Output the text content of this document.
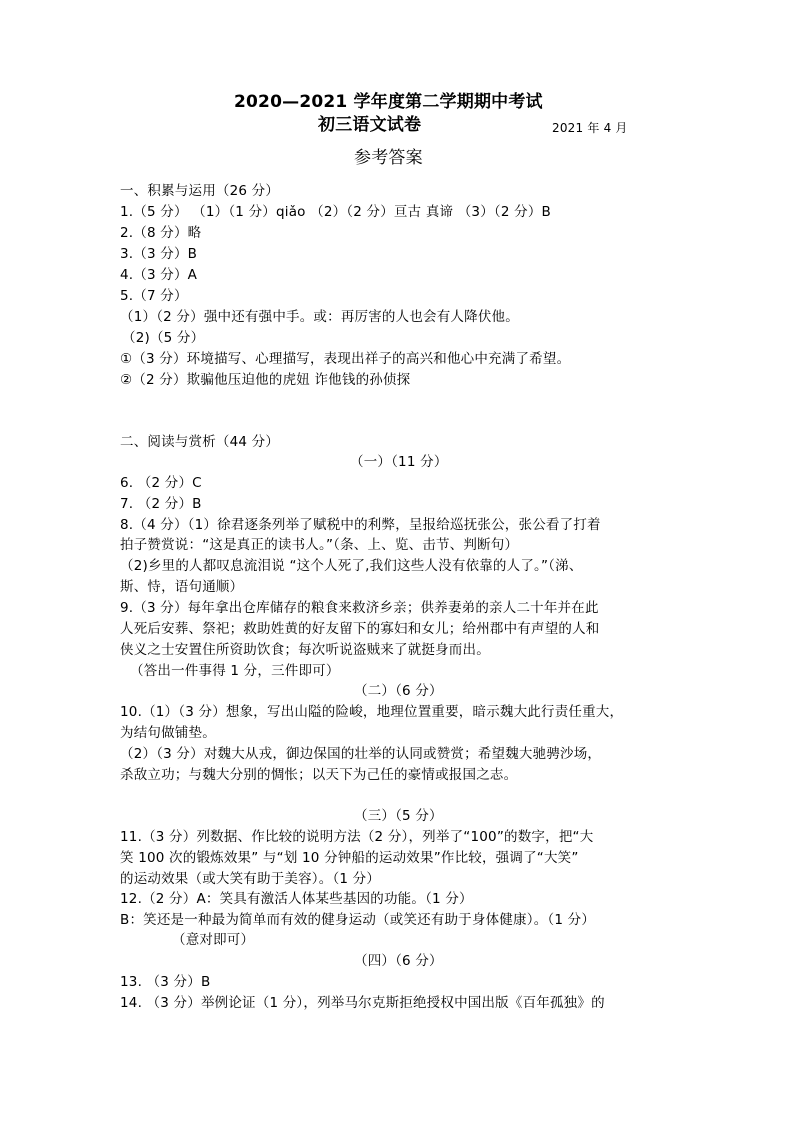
2020—2021 学年度第二学期期中考试
初三语文试卷	2021 年 4 月
参考答案
一、积累与运用（26 分）
1.（5 分） （1）（1 分）qiǎo （2）（2 分）亘古 真谛 （3）（2 分）B
2.（8 分）略
3.（3 分）B
4.（3 分）A
5.（7 分）
（1）（2 分）强中还有强中手。或：再厉害的人也会有人降伏他。
（2)（5 分）
①（3 分）环境描写、心理描写，表现出祥子的高兴和他心中充满了希望。
②（2 分）欺骗他压迫他的虎妞 诈他钱的孙侦探
二、阅读与赏析（44 分）
（一）（11 分）
6. （2 分）C
7. （2 分）B
8.（4 分）（1）徐君逐条列举了赋税中的利弊，呈报给巡抚张公，张公看了打着
拍子赞赏说：“这是真正的读书人。”（条、上、览、击节、判断句）
（2)乡里的人都叹息流泪说 “这个人死了,我们这些人没有依靠的人了。”（涕、
斯、恃，语句通顺）
9.（3 分）每年拿出仓库储存的粮食来救济乡亲；供养妻弟的亲人二十年并在此
人死后安葬、祭祀；救助姓黄的好友留下的寡妇和女儿；给州郡中有声望的人和
侠义之士安置住所资助饮食；每次听说盗贼来了就挺身而出。
（答出一件事得 1 分，三件即可）
（二）（6 分）
10.（1）（3 分）想象，写出山隘的险峻，地理位置重要，暗示魏大此行责任重大，
为结句做铺垫。
（2）（3 分）对魏大从戎，御边保国的壮举的认同或赞赏；希望魏大驰骋沙场，
杀敌立功；与魏大分别的惆怅；以天下为己任的豪情或报国之志。
（三）（5 分）
11.（3 分）列数据、作比较的说明方法（2 分），列举了“100”的数字，把“大
笑 100 次的锻炼效果” 与“划 10 分钟船的运动效果”作比较，强调了“大笑”
的运动效果（或大笑有助于美容）。（1 分）
12.（2 分）A：笑具有激活人体某些基因的功能。（1 分）
B：笑还是一种最为简单而有效的健身运动（或笑还有助于身体健康）。（1 分）
（意对即可）
（四）（6 分）
13. （3 分）B
14. （3 分）举例论证（1 分），列举马尔克斯拒绝授权中国出版《百年孤独》的
